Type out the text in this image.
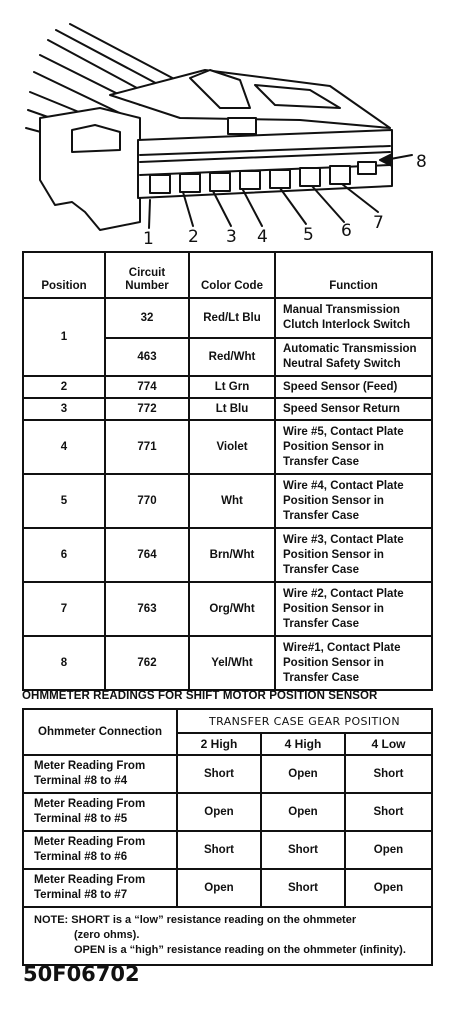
1 2 3 4 5 6 7
8
Position	Circuit Number	Color Code	Function
1	32	Red/Lt Blu	Manual Transmission Clutch Interlock Switch
	463	Red/Wht	Automatic Transmission Neutral Safety Switch
2	774	Lt Grn	Speed Sensor (Feed)
3	772	Lt Blu	Speed Sensor Return
4	771	Violet	Wire #5, Contact Plate Position Sensor in Transfer Case
5	770	Wht	Wire #4, Contact Plate Position Sensor in Transfer Case
6	764	Brn/Wht	Wire #3, Contact Plate Position Sensor in Transfer Case
7	763	Org/Wht	Wire #2, Contact Plate Position Sensor in Transfer Case
8	762	Yel/Wht	Wire#1, Contact Plate Position Sensor in Transfer Case
OHMMETER READINGS FOR SHIFT MOTOR POSITION SENSOR
Ohmmeter Connection	TRANSFER CASE GEAR POSITION		
	2 High	4 High	4 Low
Meter Reading From Terminal #8 to #4	Short	Open	Short
Meter Reading From Terminal #8 to #5	Open	Open	Short
Meter Reading From Terminal #8 to #6	Short	Short	Open
Meter Reading From Terminal #8 to #7	Open	Short	Open

NOTE: SHORT is a “low” resistance reading on the ohmmeter
(zero ohms).
OPEN is a “high” resistance reading on the ohmmeter (infinity).			
50F06702
